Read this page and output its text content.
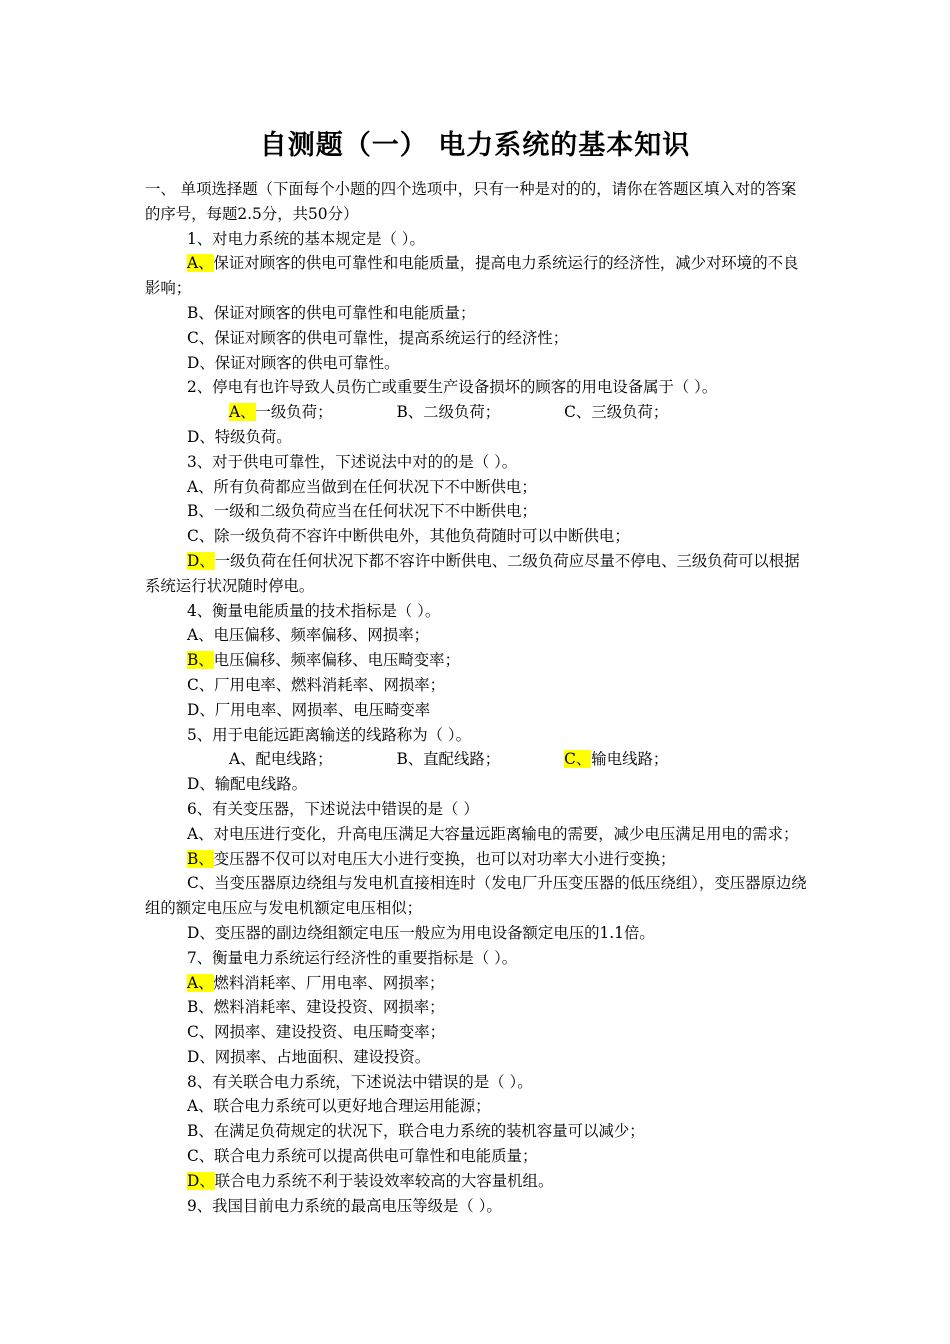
自测题（一） 电力系统的基本知识

一、 单项选择题（下面每个小题的四个选项中，只有一种是对的的，请你在答题区填入对的答案的序号，每题2.5分，共50分）

1、对电力系统的基本规定是（ ）。

A、保证对顾客的供电可靠性和电能质量，提高电力系统运行的经济性，减少对环境的不良影响；

B、保证对顾客的供电可靠性和电能质量；

C、保证对顾客的供电可靠性，提高系统运行的经济性；

D、保证对顾客的供电可靠性。

2、停电有也许导致人员伤亡或重要生产设备损坏的顾客的用电设备属于（ ）。

A、一级负荷；	B、二级负荷；	C、三级负荷；D、特级负荷。

3、对于供电可靠性，下述说法中对的的是（ ）。

A、所有负荷都应当做到在任何状况下不中断供电；

B、一级和二级负荷应当在任何状况下不中断供电；

C、除一级负荷不容许中断供电外，其他负荷随时可以中断供电；

D、一级负荷在任何状况下都不容许中断供电、二级负荷应尽量不停电、三级负荷可以根据系统运行状况随时停电。

4、衡量电能质量的技术指标是（ ）。

A、电压偏移、频率偏移、网损率；

B、电压偏移、频率偏移、电压畸变率；

C、厂用电率、燃料消耗率、网损率；

D、厂用电率、网损率、电压畸变率

5、用于电能远距离输送的线路称为（ ）。

A、配电线路；	B、直配线路；	C、输电线路；D、输配电线路。

6、有关变压器，下述说法中错误的是（ ）

A、对电压进行变化，升高电压满足大容量远距离输电的需要，减少电压满足用电的需求；

B、变压器不仅可以对电压大小进行变换，也可以对功率大小进行变换；

C、当变压器原边绕组与发电机直接相连时（发电厂升压变压器的低压绕组），变压器原边绕组的额定电压应与发电机额定电压相似；

D、变压器的副边绕组额定电压一般应为用电设备额定电压的1.1倍。

7、衡量电力系统运行经济性的重要指标是（ ）。

A、燃料消耗率、厂用电率、网损率；

B、燃料消耗率、建设投资、网损率；

C、网损率、建设投资、电压畸变率；

D、网损率、占地面积、建设投资。

8、有关联合电力系统，下述说法中错误的是（ ）。

A、联合电力系统可以更好地合理运用能源；

B、在满足负荷规定的状况下，联合电力系统的装机容量可以减少；

C、联合电力系统可以提高供电可靠性和电能质量；

D、联合电力系统不利于装设效率较高的大容量机组。

9、我国目前电力系统的最高电压等级是（ ）。
